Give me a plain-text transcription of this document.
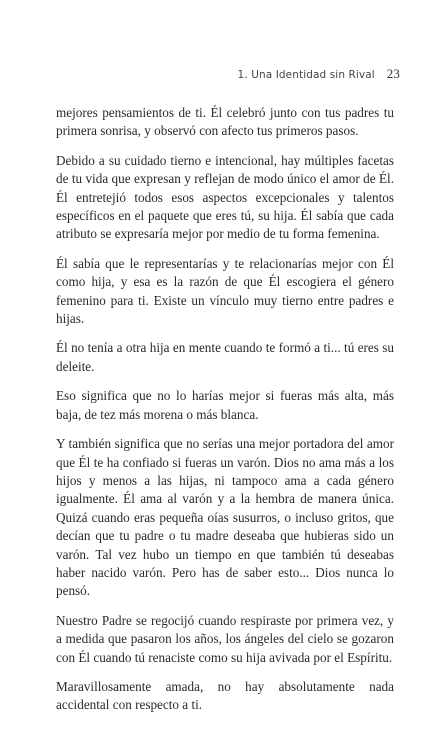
1. Una Identidad sin Rival 23

mejores pensamientos de ti. Él celebró junto con tus padres tu primera sonrisa, y observó con afecto tus primeros pasos.

Debido a su cuidado tierno e intencional, hay múltiples facetas de tu vida que expresan y reflejan de modo único el amor de Él. Él entretejió todos esos aspectos excepcionales y talentos específicos en el paquete que eres tú, su hija. Él sabía que cada atributo se expresaría mejor por medio de tu forma femenina.

Él sabía que le representarías y te relacionarías mejor con Él como hija, y esa es la razón de que Él escogiera el género femenino para ti. Existe un vínculo muy tierno entre padres e hijas.

Él no tenía a otra hija en mente cuando te formó a ti... tú eres su deleite.

Eso significa que no lo harías mejor si fueras más alta, más baja, de tez más morena o más blanca.

Y también significa que no serías una mejor portadora del amor que Él te ha confiado si fueras un varón. Dios no ama más a los hijos y menos a las hijas, ni tampoco ama a cada género igualmente. Él ama al varón y a la hembra de manera única. Quizá cuando eras pequeña oías susurros, o incluso gritos, que decían que tu padre o tu madre deseaba que hubieras sido un varón. Tal vez hubo un tiempo en que también tú deseabas haber nacido varón. Pero has de saber esto... Dios nunca lo pensó.

Nuestro Padre se regocijó cuando respiraste por primera vez, y a medida que pasaron los años, los ángeles del cielo se gozaron con Él cuando tú renaciste como su hija avivada por el Espíritu.

Maravillosamente amada, no hay absolutamente nada accidental con respecto a ti.
